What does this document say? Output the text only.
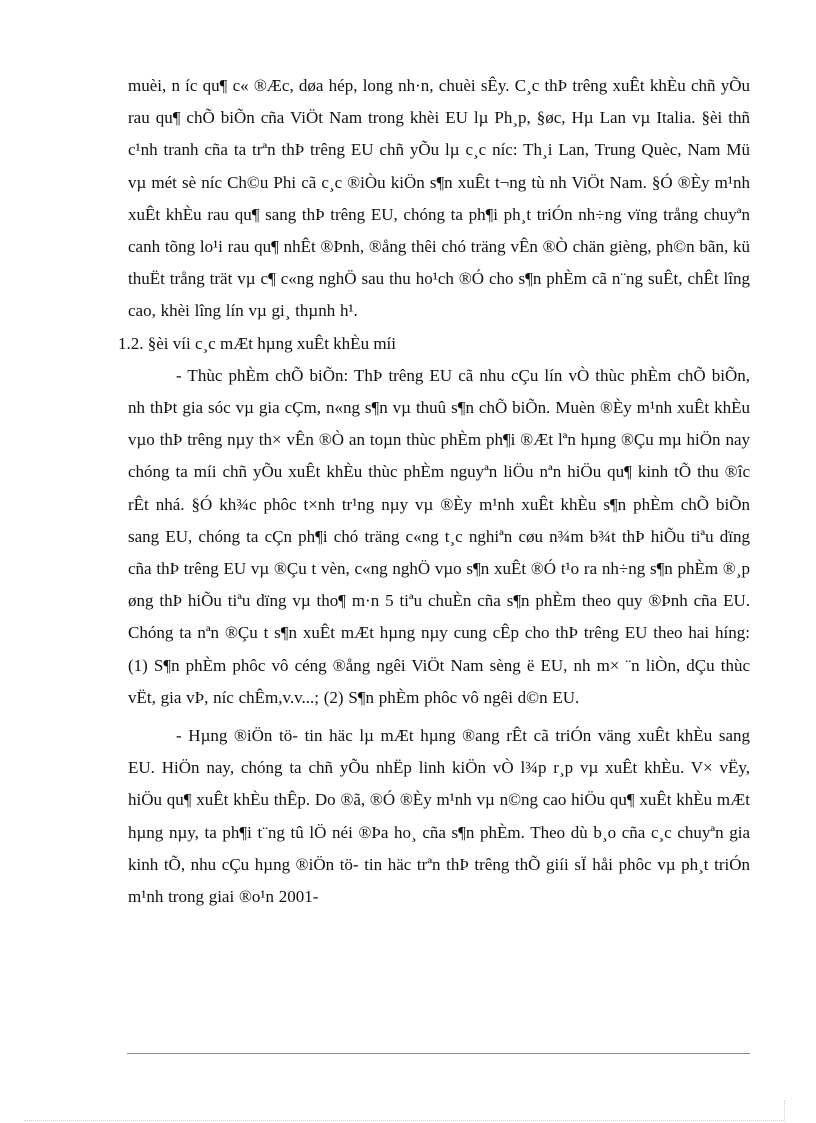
muèi, n íc qu¶ c« ®Æc, døa hép, long nh·n, chuèi sÊy. C¸c thÞ trêng xuÊt khÈu chñ yÕu rau qu¶ chÕ biÕn cña ViÖt Nam trong khèi EU lµ Ph¸p, §øc, Hµ Lan vµ Italia. §èi thñ c¹nh tranh cña ta trªn thÞ trêng EU chñ yÕu lµ c¸c níc: Th¸i Lan, Trung Quèc, Nam Mü vµ mét sè níc Ch©u Phi cã c¸c ®iÒu kiÖn s¶n xuÊt t¬ng tù nh ViÖt Nam. §Ó ®Èy m¹nh xuÊt khÈu rau qu¶ sang thÞ trêng EU, chóng ta ph¶i ph¸t triÓn nh÷ng vïng trång chuyªn canh tõng lo¹i rau qu¶ nhÊt ®Þnh, ®ång thêi chó träng vÊn ®Ò chän gièng, ph©n bãn, kü thuËt trång trät vµ c¶ c«ng nghÖ sau thu ho¹ch ®Ó cho s¶n phÈm cã n¨ng suÊt, chÊt lîng cao, khèi lîng lín vµ gi¸ thµnh h¹.

1.2. §èi víi c¸c mÆt hµng xuÊt khÈu míi

- Thùc phÈm chÕ biÕn: ThÞ trêng EU cã nhu cÇu lín vÒ thùc phÈm chÕ biÕn, nh thÞt gia sóc vµ gia cÇm, n«ng s¶n vµ thuû s¶n chÕ biÕn. Muèn ®Èy m¹nh xuÊt khÈu vµo thÞ trêng nµy th× vÊn ®Ò an toµn thùc phÈm ph¶i ®Æt lªn hµng ®Çu mµ hiÖn nay chóng ta míi chñ yÕu xuÊt khÈu thùc phÈm nguyªn liÖu nªn hiÖu qu¶ kinh tÕ thu ®îc rÊt nhá. §Ó kh¾c phôc t×nh tr¹ng nµy vµ ®Èy m¹nh xuÊt khÈu s¶n phÈm chÕ biÕn sang EU, chóng ta cÇn ph¶i chó träng c«ng t¸c nghiªn cøu n¾m b¾t thÞ hiÕu tiªu dïng cña thÞ trêng EU vµ ®Çu t vèn, c«ng nghÖ vµo s¶n xuÊt ®Ó t¹o ra nh÷ng s¶n phÈm ®¸p øng thÞ hiÕu tiªu dïng vµ tho¶ m·n 5 tiªu chuÈn cña s¶n phÈm theo quy ®Þnh cña EU. Chóng ta nªn ®Çu t s¶n xuÊt mÆt hµng nµy cung cÊp cho thÞ trêng EU theo hai híng: (1) S¶n phÈm phôc vô céng ®ång ngêi ViÖt Nam sèng ë EU, nh m× ¨n liÒn, dÇu thùc vËt, gia vÞ, níc chÊm,v.v...; (2) S¶n phÈm phôc vô ngêi d©n EU.

- Hµng ®iÖn tö- tin häc lµ mÆt hµng ®ang rÊt cã triÓn väng xuÊt khÈu sang EU. HiÖn nay, chóng ta chñ yÕu nhËp linh kiÖn vÒ l¾p r¸p vµ xuÊt khÈu. V× vËy, hiÖu qu¶ xuÊt khÈu thÊp. Do ®ã, ®Ó ®Èy m¹nh vµ n©ng cao hiÖu qu¶ xuÊt khÈu mÆt hµng nµy, ta ph¶i t¨ng tû lÖ néi ®Þa ho¸ cña s¶n phÈm. Theo dù b¸o cña c¸c chuyªn gia kinh tÕ, nhu cÇu hµng ®iÖn tö- tin häc trªn thÞ trêng thÕ giíi sÏ håi phôc vµ ph¸t triÓn m¹nh trong giai ®o¹n 2001-
